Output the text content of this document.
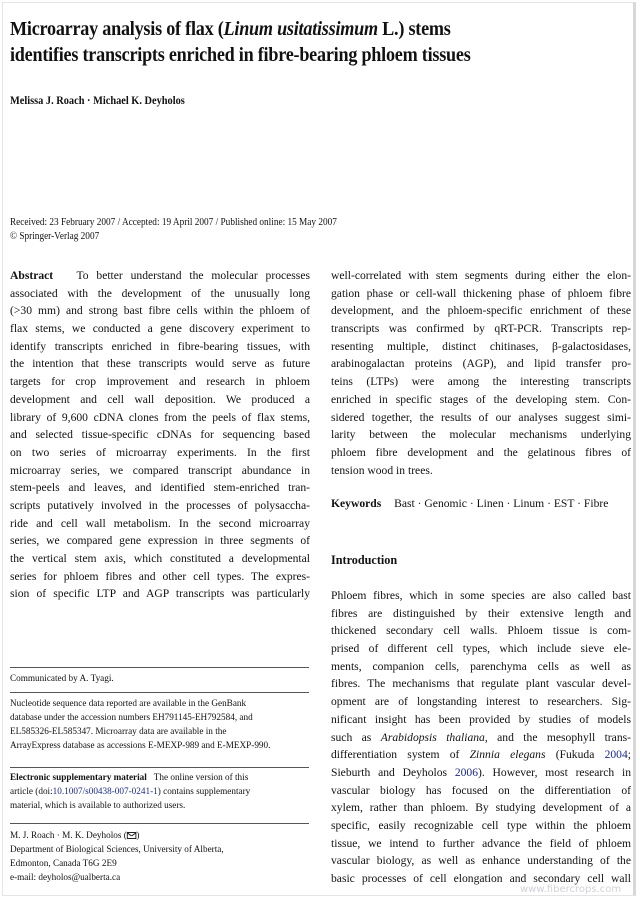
Microarray analysis of flax (Linum usitatissimum L.) stems
identifies transcripts enriched in fibre-bearing phloem tissues
Melissa J. Roach · Michael K. Deyholos
Received: 23 February 2007 / Accepted: 19 April 2007 / Published online: 15 May 2007
© Springer-Verlag 2007
Abstract To better understand the molecular processes
associated with the development of the unusually long
(>30 mm) and strong bast fibre cells within the phloem of
flax stems, we conducted a gene discovery experiment to
identify transcripts enriched in fibre-bearing tissues, with
the intention that these transcripts would serve as future
targets for crop improvement and research in phloem
development and cell wall deposition. We produced a
library of 9,600 cDNA clones from the peels of flax stems,
and selected tissue-specific cDNAs for sequencing based
on two series of microarray experiments. In the first
microarray series, we compared transcript abundance in
stem-peels and leaves, and identified stem-enriched tran-
scripts putatively involved in the processes of polysaccha-
ride and cell wall metabolism. In the second microarray
series, we compared gene expression in three segments of
the vertical stem axis, which constituted a developmental
series for phloem fibres and other cell types. The expres-
sion of specific LTP and AGP transcripts was particularly
well-correlated with stem segments during either the elon-
gation phase or cell-wall thickening phase of phloem fibre
development, and the phloem-specific enrichment of these
transcripts was confirmed by qRT-PCR. Transcripts rep-
resenting multiple, distinct chitinases, β-galactosidases,
arabinogalactan proteins (AGP), and lipid transfer pro-
teins (LTPs) were among the interesting transcripts
enriched in specific stages of the developing stem. Con-
sidered together, the results of our analyses suggest simi-
larity between the molecular mechanisms underlying
phloem fibre development and the gelatinous fibres of
tension wood in trees.
Keywords Bast · Genomic · Linen · Linum · EST · Fibre
Introduction
Phloem fibres, which in some species are also called bast
fibres are distinguished by their extensive length and
thickened secondary cell walls. Phloem tissue is com-
prised of different cell types, which include sieve ele-
ments, companion cells, parenchyma cells as well as
fibres. The mechanisms that regulate plant vascular devel-
opment are of longstanding interest to researchers. Sig-
nificant insight has been provided by studies of models
such as Arabidopsis thaliana, and the mesophyll trans-
differentiation system of Zinnia elegans (Fukuda 2004;
Sieburth and Deyholos 2006). However, most research in
vascular biology has focused on the differentiation of
xylem, rather than phloem. By studying development of a
specific, easily recognizable cell type within the phloem
tissue, we intend to further advance the field of phloem
vascular biology, as well as enhance understanding of the
basic processes of cell elongation and secondary cell wall
Communicated by A. Tyagi.
Nucleotide sequence data reported are available in the GenBank
database under the accession numbers EH791145-EH792584, and
EL585326-EL585347. Microarray data are available in the
ArrayExpress database as accessions E-MEXP-989 and E-MEXP-990.
Electronic supplementary material The online version of this
article (doi:10.1007/s00438-007-0241-1) contains supplementary
material, which is available to authorized users.
M. J. Roach · M. K. Deyholos ( )
Department of Biological Sciences, University of Alberta,
Edmonton, Canada T6G 2E9
e-mail: deyholos@ualberta.ca
www.fibercrops.com
